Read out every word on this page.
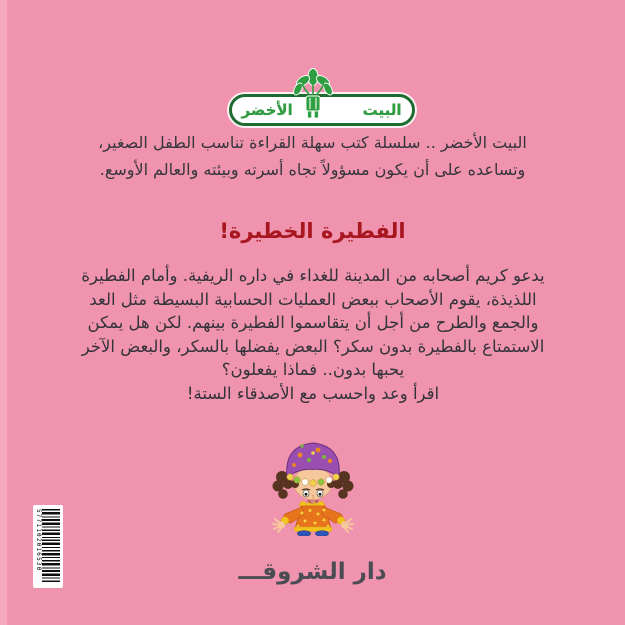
البيت
الأخضر
البيت الأخضر .. سلسلة كتب سهلة القراءة تناسب الطفل الصغير،
وتساعده على أن يكون مسؤولاً تجاه أسرته وبيئته والعالم الأوسع.
الفطيرة الخطيرة!
يدعو كريم أصحابه من المدينة للغداء في داره الريفية. وأمام الفطيرة
اللذيذة، يقوم الأصحاب ببعض العمليات الحسابية البسيطة مثل العد
والجمع والطرح من أجل أن يتقاسموا الفطيرة بينهم. لكن هل يمكن
الاستمتاع بالفطيرة بدون سكر؟ البعض يفضلها بالسكر، والبعض الآخر
يحبها بدون.. فماذا يفعلون؟
اقرأ وعد واحسب مع الأصدقاء الستة!
5771102016530
دار الشروقـــ
